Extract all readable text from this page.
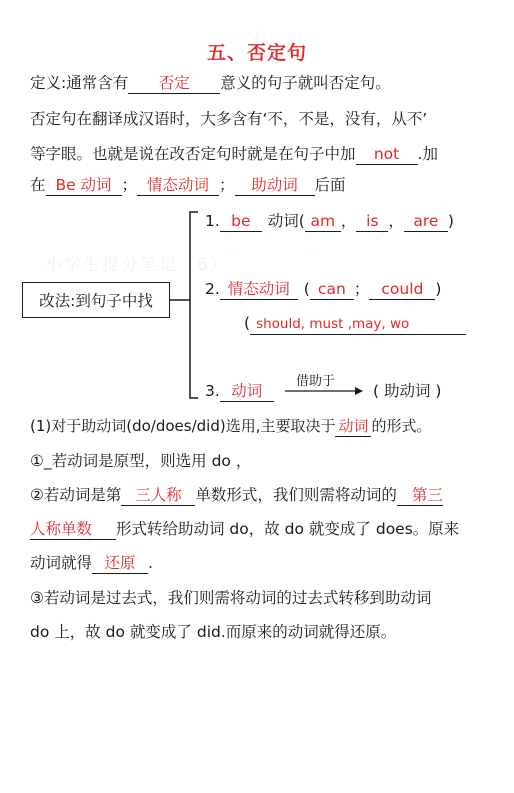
小学生提分笔记（6）
五、否定句
定义:通常含有 否定 意义的句子就叫否定句。
否定句在翻译成汉语时，大多含有‘不，不是，没有，从不’
等字眼。也就是说在改否定句时就是在句子中加 not .加
在 Be 动词 ； 情态动词 ； 助动词 后面
改法:到句子中找
1. be 动词( am ， is ， are )
2. 情态动词 ( can ； could )
( should, must ,may, wo
3. 动词
借助于
( 助动词 )
(1)对于助动词(do/does/did)选用,主要取决于 动词 的形式。
①_若动词是原型，则选用 do ，
②若动词是第 三人称 单数形式，我们则需将动词的 第三
人称单数 形式转给助动词 do，故 do 就变成了 does。原来
动词就得 还原 .
③若动词是过去式，我们则需将动词的过去式转移到助动词
do 上，故 do 就变成了 did.而原来的动词就得还原。
